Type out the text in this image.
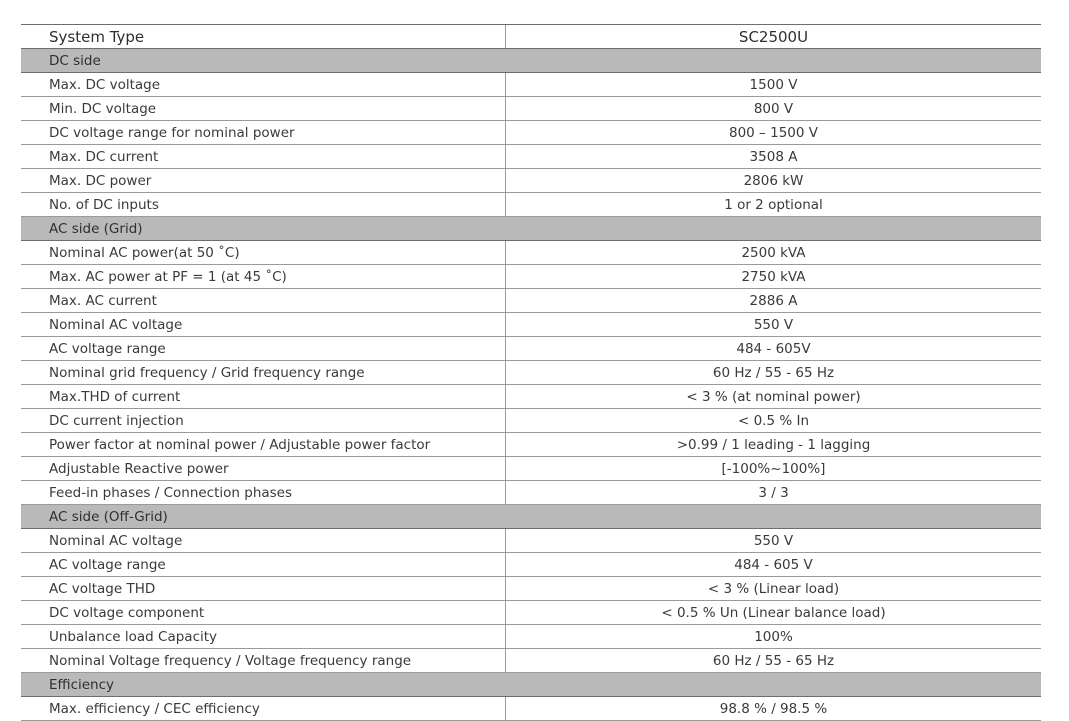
System Type	SC2500U
DC side
Max. DC voltage	1500 V
Min. DC voltage	800 V
DC voltage range for nominal power	800 – 1500 V
Max. DC current	3508 A
Max. DC power	2806 kW
No. of DC inputs	1 or 2 optional
AC side (Grid)
Nominal AC power(at 50 ˚C)	2500 kVA
Max. AC power at PF = 1 (at 45 ˚C)	2750 kVA
Max. AC current	2886 A
Nominal AC voltage	550 V
AC voltage range	484 - 605V
Nominal grid frequency / Grid frequency range	60 Hz / 55 - 65 Hz
Max.THD of current	< 3 % (at nominal power)
DC current injection	< 0.5 % In
Power factor at nominal power / Adjustable power factor	>0.99 / 1 leading - 1 lagging
Adjustable Reactive power	[-100%~100%]
Feed-in phases / Connection phases	3 / 3
AC side (Off-Grid)
Nominal AC voltage	550 V
AC voltage range	484 - 605 V
AC voltage THD	< 3 % (Linear load)
DC voltage component	< 0.5 % Un (Linear balance load)
Unbalance load Capacity	100%
Nominal Voltage frequency / Voltage frequency range	60 Hz / 55 - 65 Hz
Efficiency
Max. efficiency / CEC efficiency	98.8 % / 98.5 %
